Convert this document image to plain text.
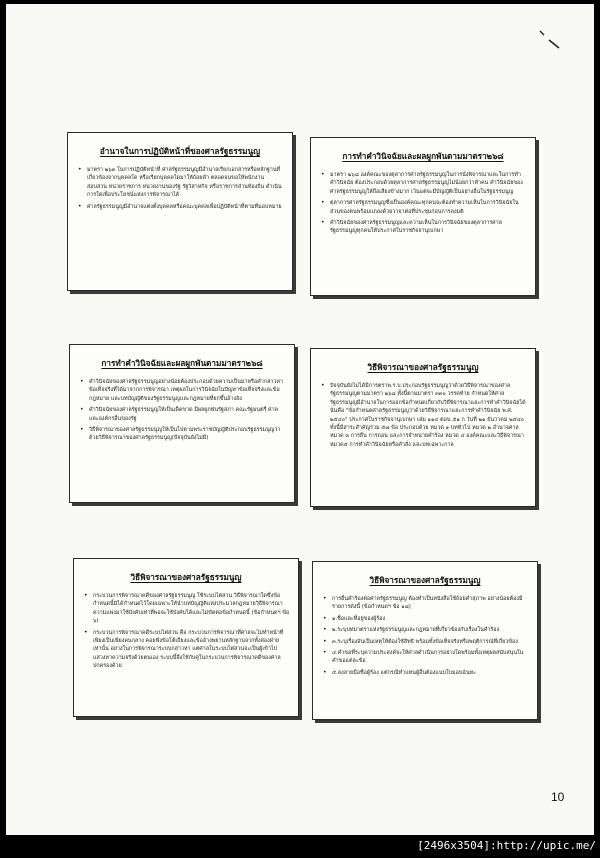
อำนาจในการปฏิบัติหน้าที่ของศาลรัฐธรรมนูญ
• มาตรา ๒๖๓ ในการปฏิบัติหน้าที่ ศาลรัฐธรรมนูญมีอำนาจเรียกเอกสารหรือหลักฐานที่เกี่ยวข้องจากบุคคลใด หรือเรียกบุคคลใดมาให้ถ้อยคำ ตลอดจนขอให้พนักงานสอบสวน หน่วยราชการ หน่วยงานของรัฐ รัฐวิสาหกิจ หรือราชการส่วนท้องถิ่น ดำเนินการใดเพื่อประโยชน์แห่งการพิจารณาได้
• ศาลรัฐธรรมนูญมีอำนาจแต่งตั้งบุคคลหรือคณะบุคคลเพื่อปฏิบัติหน้าที่ตามที่มอบหมาย
การทำคำวินิจฉัยและผลผูกพันตามมาตรา๒๖๘
• มาตรา ๒๖๘ องค์คณะของตุลาการศาลรัฐธรรมนูญในการนั่งพิจารณาและในการทำคำวินิจฉัย ต้องประกอบด้วยตุลาการศาลรัฐธรรมนูญไม่น้อยกว่าห้าคน คำวินิจฉัยของศาลรัฐธรรมนูญให้ถือเสียงข้างมาก เว้นแต่จะมีบัญญัติเป็นอย่างอื่นในรัฐธรรมนูญ
• ตุลาการศาลรัฐธรรมนูญซึ่งเป็นองค์คณะทุกคนจะต้องทำความเห็นในการวินิจฉัยในส่วนของตนพร้อมแถลงด้วยวาจาต่อที่ประชุมก่อนการลงมติ
• คำวินิจฉัยของศาลรัฐธรรมนูญและความเห็นในการวินิจฉัยของตุลาการศาลรัฐธรรมนูญทุกคนให้ประกาศในราชกิจจานุเบกษา
การทำคำวินิจฉัยและผลผูกพันตามมาตรา๒๖๘
• คำวินิจฉัยของศาลรัฐธรรมนูญอย่างน้อยต้องประกอบด้วยความเป็นมาหรือคำกล่าวหาข้อเท็จจริงที่ได้มาจากการพิจารณา เหตุผลในการวินิจฉัยในปัญหาข้อเท็จจริงและข้อกฎหมาย และบทบัญญัติของรัฐธรรมนูญและกฎหมายที่ยกขึ้นอ้างอิง
• คำวินิจฉัยของศาลรัฐธรรมนูญให้เป็นเด็ดขาด มีผลผูกพันรัฐสภา คณะรัฐมนตรี ศาล และองค์กรอื่นของรัฐ
• วิธีพิจารณาของศาลรัฐธรรมนูญให้เป็นไปตามพระราชบัญญัติประกอบรัฐธรรมนูญว่าด้วยวิธีพิจารณาของศาลรัฐธรรมนูญ(ปัจจุบันยังไม่มี)
วิธีพิจารณาของศาลรัฐธรรมนูญ
• ปัจจุบันยังไม่ได้มีการตราพ.ร.บ.ประกอบรัฐธรรมนูญว่าด้วยวิธีพิจารณาของศาลรัฐธรรมนูญตามมาตรา ๒๖๘ ทั้งนี้ตามมาตรา ๓๓๐ วรรคท้าย กำหนดให้ศาลรัฐธรรมนูญมีอำนาจในการออกข้อกำหนดเกี่ยวกับวิธีพิจารณาและการทำคำวินิจฉัยได้ นั่นคือ "ข้อกำหนดศาลรัฐธรรมนูญว่าด้วยวิธีพิจารณาและการทำคำวินิจฉัย พ.ศ. ๒๕๔๐" ประกาศในราชกิจจานุเบกษา เล่ม ๑๑๔ ตอน ๕๑ ก วันที่ ๒๑ ธันวาคม ๒๕๔๐ ทั้งนี้มีสาระสำคัญรวม ๕๗ ข้อ ประกอบด้วย หมวด ๑ บททั่วไป หมวด ๒ อำนาจศาล หมวด ๓ การยื่น การถอน และการจำหน่ายคำร้อง หมวด ๔ องค์คณะและวิธีพิจารณา หมวด๕ การทำคำวินิจฉัยหรือคำสั่ง และบทเฉพาะกาล
วิธีพิจารณาของศาลรัฐธรรมนูญ
• กระบวนการพิจารณาคดีของศาลรัฐธรรมนูญ ใช้ระบบไต่สวน วิธีพิจารณาใดซึ่งข้อกำหนดนี้มิได้กำหนดไว้โดยเฉพาะให้นำบทบัญญัติแห่งประมวลกฎหมายวิธีพิจารณาความแพ่งมาใช้บังคับเท่าที่พอจะใช้บังคับได้และไม่ขัดต่อข้อกำหนดนี้ (ข้อกำหนดฯ ข้อ ๖)
• กระบวนการพิจารณาคดีระบบไต่สวน คือ กระบวนการพิจารณาที่ศาลจะไม่ทำหน้าที่เพียงเป็นเพียงคนกลาง คอยฟังข้อโต้เถียงและข้ออ้างพยานหลักฐานจากทั้งสองฝ่ายเท่านั้น อย่างในการพิจารณาระบบกล่าวหา แต่ศาลในระบบไต่สวนจะเป็นผู้เข้าไปแสวงหาความจริงด้วยตนเอง ระบบนี้จึงใช้กับคู่ในกระบวนการพิจารณาคดีของศาลปกครองด้วย
วิธีพิจารณาของศาลรัฐธรรมนูญ
• การยื่นคำร้องต่อศาลรัฐธรรมนูญ ต้องทำเป็นหนังสือใช้ถ้อยคำสุภาพ อย่างน้อยต้องมีรายการดังนี้ (ข้อกำหนดฯ ข้อ ๑๘)
• ๑.ชื่อและที่อยู่ของผู้ร้อง
• ๒.ระบุบทมาตราแห่งรัฐธรรมนูญและกฎหมายที่เกี่ยวข้องกับเรื่องในคำร้อง
• ๓.ระบุเรื่องอันเป็นเหตุให้ต้องใช้สิทธิ พร้อมทั้งข้อเท็จจริงหรือพฤติการณ์ที่เกี่ยวข้อง
• ๔.คำขอที่ระบุความประสงค์จะให้ศาลดำเนินการอย่างใดพร้อมทั้งเหตุผลสนับสนุนในคำขอแต่ละข้อ
• ๕.ลงลายมือชื่อผู้ร้อง แต่กรณีทำแทนผู้อื่นต้องแนบใบมอบฉันทะ
10
[2496x3504]:http://upic.me/
